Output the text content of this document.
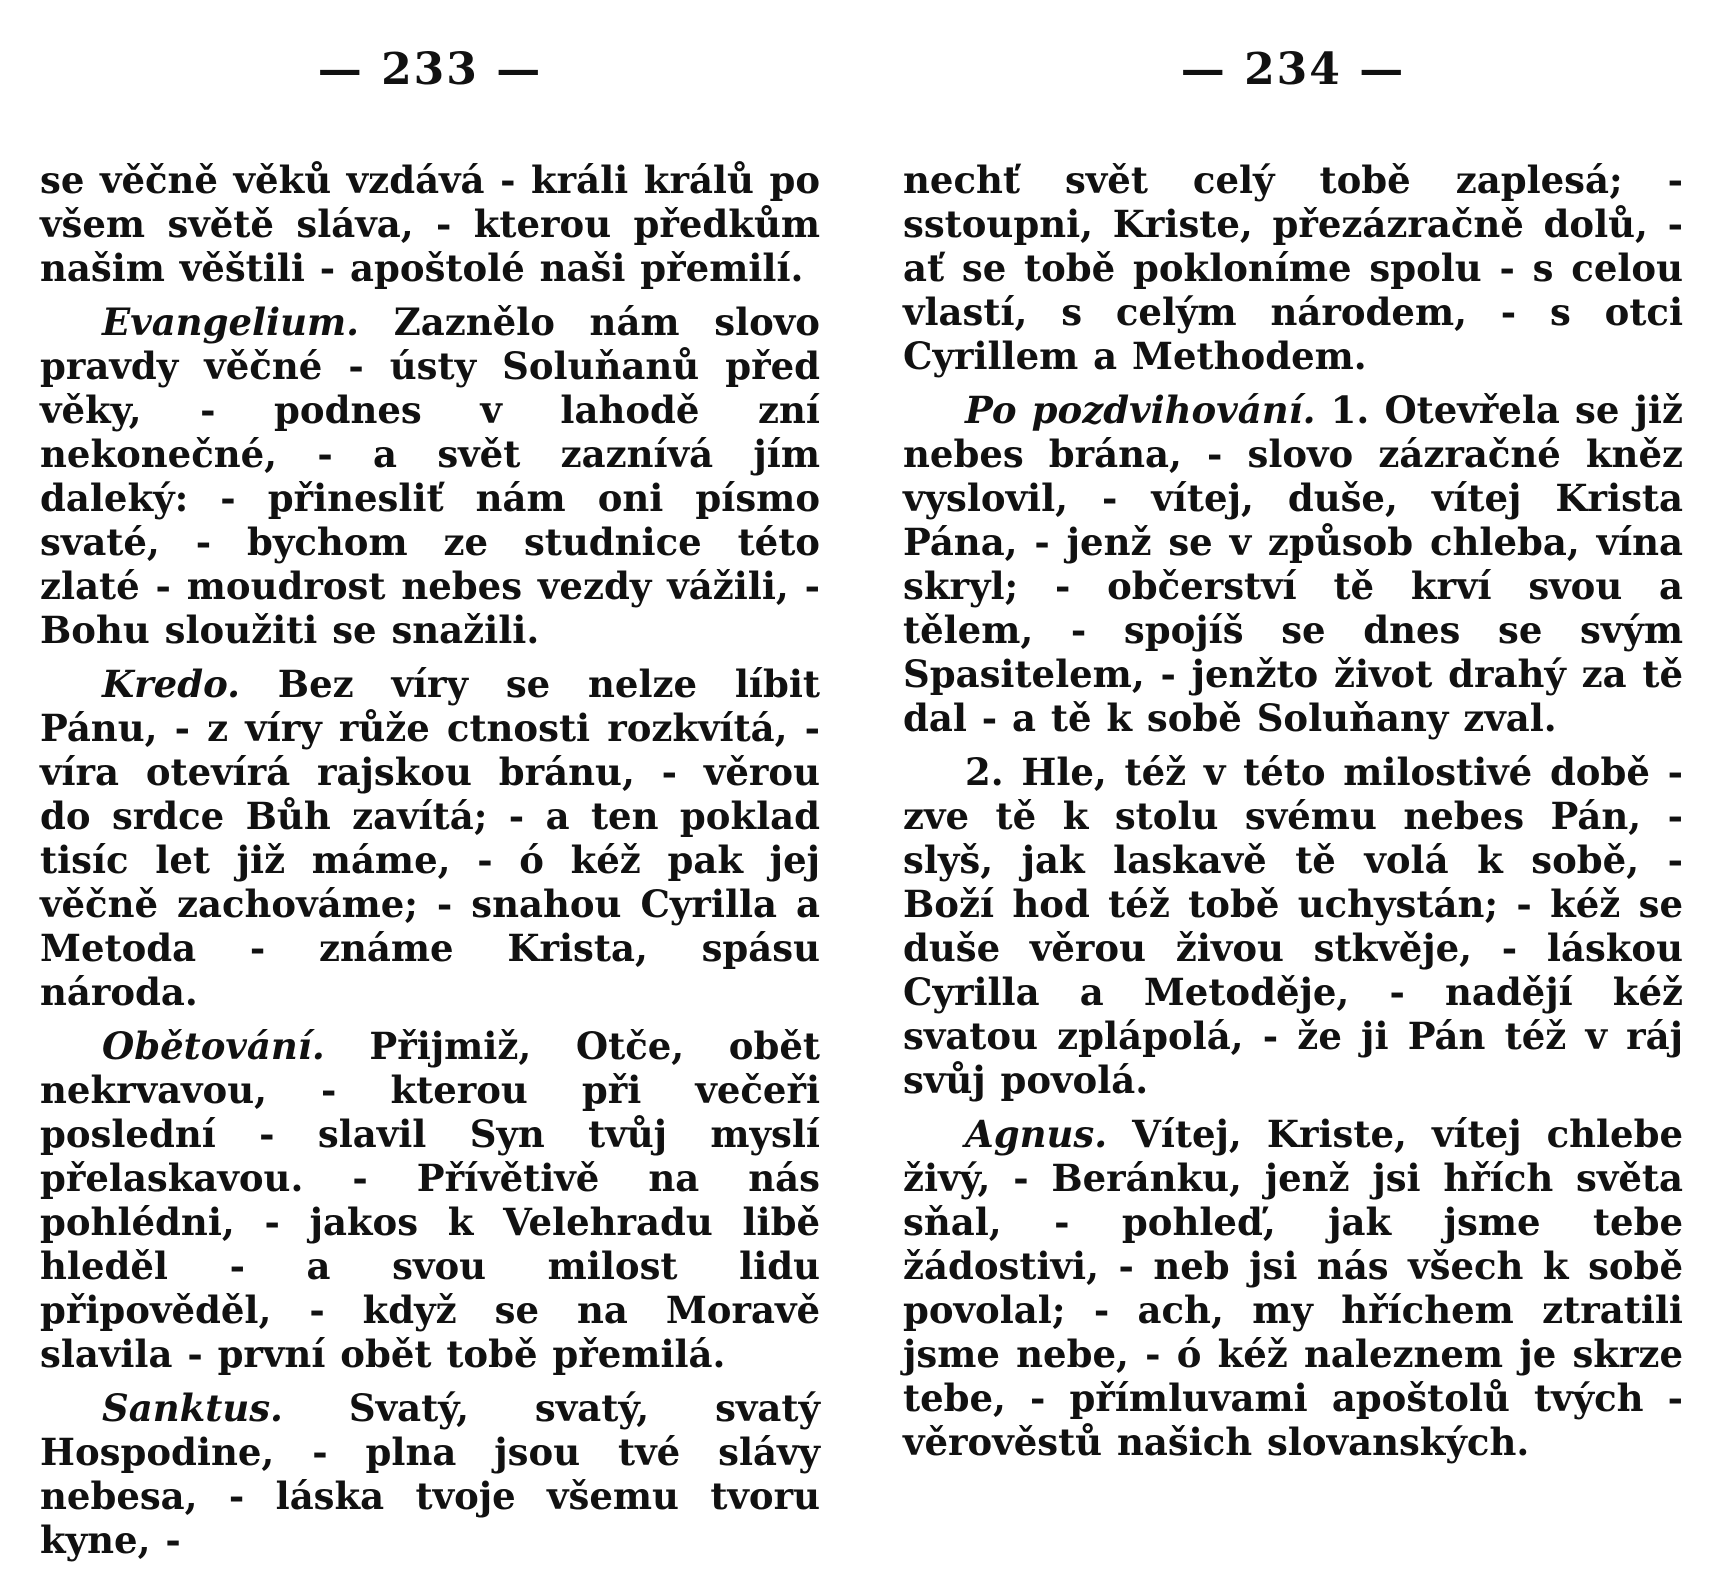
— 233 —

se věčně věků vzdává - králi králů po všem světě sláva, - kterou předkům našim věštili - apoštolé naši přemilí.

Evangelium. Zaznělo nám slovo pravdy věčné - ústy Soluňanů před věky, - podnes v lahodě zní nekonečné, - a svět zaznívá jím daleký: - přinesliť nám oni písmo svaté, - bychom ze studnice této zlaté - moudrost nebes vezdy vážili, - Bohu sloužiti se snažili.

Kredo. Bez víry se nelze líbit Pánu, - z víry růže ctnosti rozkvítá, - víra otevírá rajskou bránu, - věrou do srdce Bůh zavítá; - a ten poklad tisíc let již máme, - ó kéž pak jej věčně zachováme; - snahou Cyrilla a Metoda - známe Krista, spásu národa.

Obětování. Přijmiž, Otče, obět nekrvavou, - kterou při večeři poslední - slavil Syn tvůj myslí přelaskavou. - Přívětivě na nás pohlédni, - jakos k Velehradu libě hleděl - a svou milost lidu připověděl, - když se na Moravě slavila - první obět tobě přemilá.

Sanktus. Svatý, svatý, svatý Hospodine, - plna jsou tvé slávy nebesa, - láska tvoje všemu tvoru kyne, -

— 234 —

nechť svět celý tobě zaplesá; - sstoupni, Kriste, přezázračně dolů, - ať se tobě pokloníme spolu - s celou vlastí, s celým národem, - s otci Cyrillem a Methodem.

Po pozdvihování. 1. Otevřela se již nebes brána, - slovo zázračné kněz vyslovil, - vítej, duše, vítej Krista Pána, - jenž se v způsob chleba, vína skryl; - občerství tě krví svou a tělem, - spojíš se dnes se svým Spasitelem, - jenžto život drahý za tě dal - a tě k sobě Soluňany zval.

2. Hle, též v této milostivé době - zve tě k stolu svému nebes Pán, - slyš, jak laskavě tě volá k sobě, - Boží hod též tobě uchystán; - kéž se duše věrou živou stkvěje, - láskou Cyrilla a Metoděje, - nadějí kéž svatou zplápolá, - že ji Pán též v ráj svůj povolá.

Agnus. Vítej, Kriste, vítej chlebe živý, - Beránku, jenž jsi hřích světa sňal, - pohleď, jak jsme tebe žádostivi, - neb jsi nás všech k sobě povolal; - ach, my hříchem ztratili jsme nebe, - ó kéž naleznem je skrze tebe, - přímluvami apoštolů tvých - věrověstů našich slovanských.
